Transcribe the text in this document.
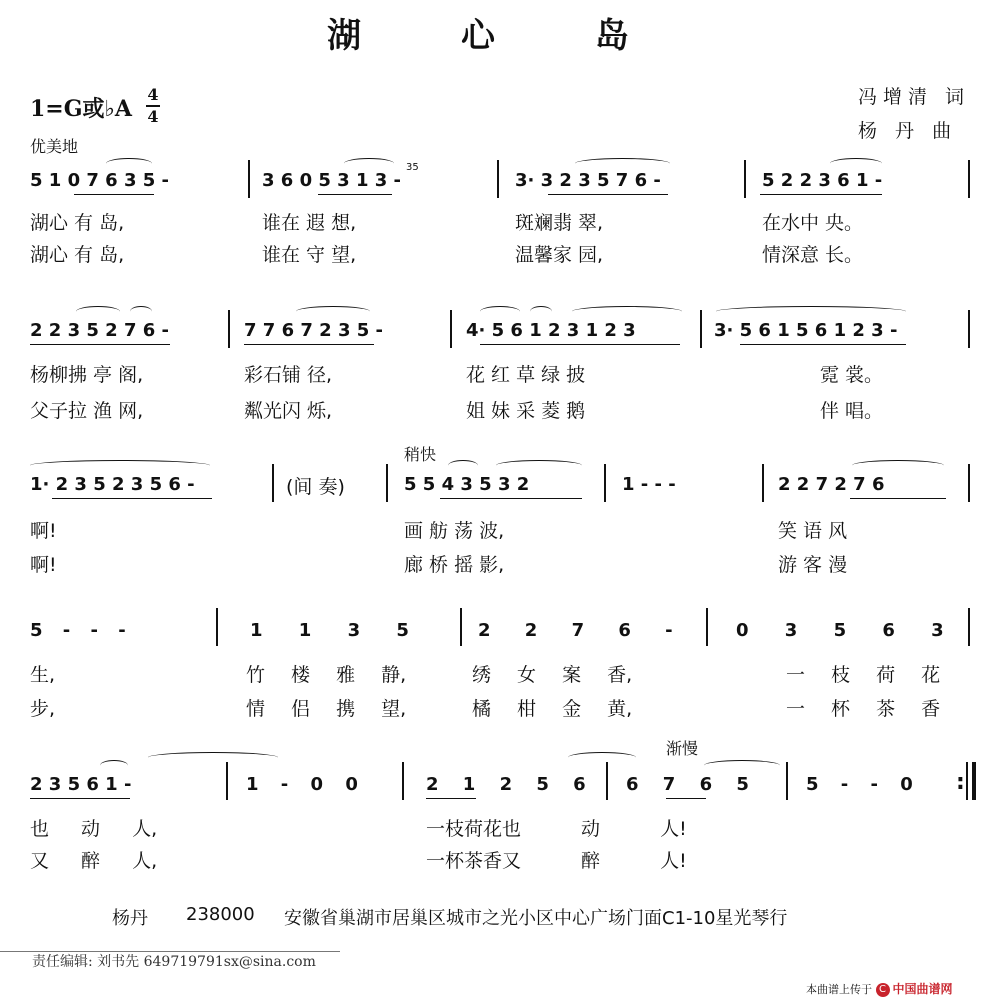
湖 心 岛
1=G或♭A
4
4
优美地
冯增清 词
杨 丹 曲
5 1 0 7 6 3 5 -	3 6 0 5 3 1 3 -
35
3· 3 2 3 5 7 6 -	5 2 2 3 6 1 -
湖心 有 岛,	谁在 遐 想,	斑斓翡 翠,	在水中 央。
湖心 有 岛,	谁在 守 望,	温馨家 园,	情深意 长。
2 2 3 5 2 7 6 -	7 7 6 7 2 3 5 -	4· 5 6 1 2 3 1 2 3	3· 5 6 1 5 6 1 2 3 -
杨柳拂 亭 阁,	彩石铺 径,	花 红 草 绿 披	霓 裳。
父子拉 渔 网,	粼光闪 烁,	姐 妹 采 菱 鹅	伴 唱。
稍快
1· 2 3 5 2 3 5 6 -	(间 奏)	5 5 4 3 5 3 2	1 - - -	2 2 7 2 7 6
啊!	画 舫 荡 波,	笑 语 风
啊!	廊 桥 摇 影,	游 客 漫
5 - - -	1 1 3 5	2 2 7 6 -	0 3 5 6 3
生,	竹 楼 雅 静,	绣 女 案 香,	一 枝 荷 花
步,	情 侣 携 望,	橘 柑 金 黄,	一 杯 茶 香
渐慢
2 3 5 6 1 -	1 - 0 0	2 1 2 5 6 6 7 6 5	5 - - 0 :
也 动 人,	一枝荷花也 动 人!
又 醉 人,	一杯茶香又 醉 人!
杨丹 238000 安徽省巢湖市居巢区城市之光小区中心广场门面C1-10星光琴行
责任编辑: 刘书先 649719791sx@sina.com
本曲谱上传于 C 中国曲谱网
